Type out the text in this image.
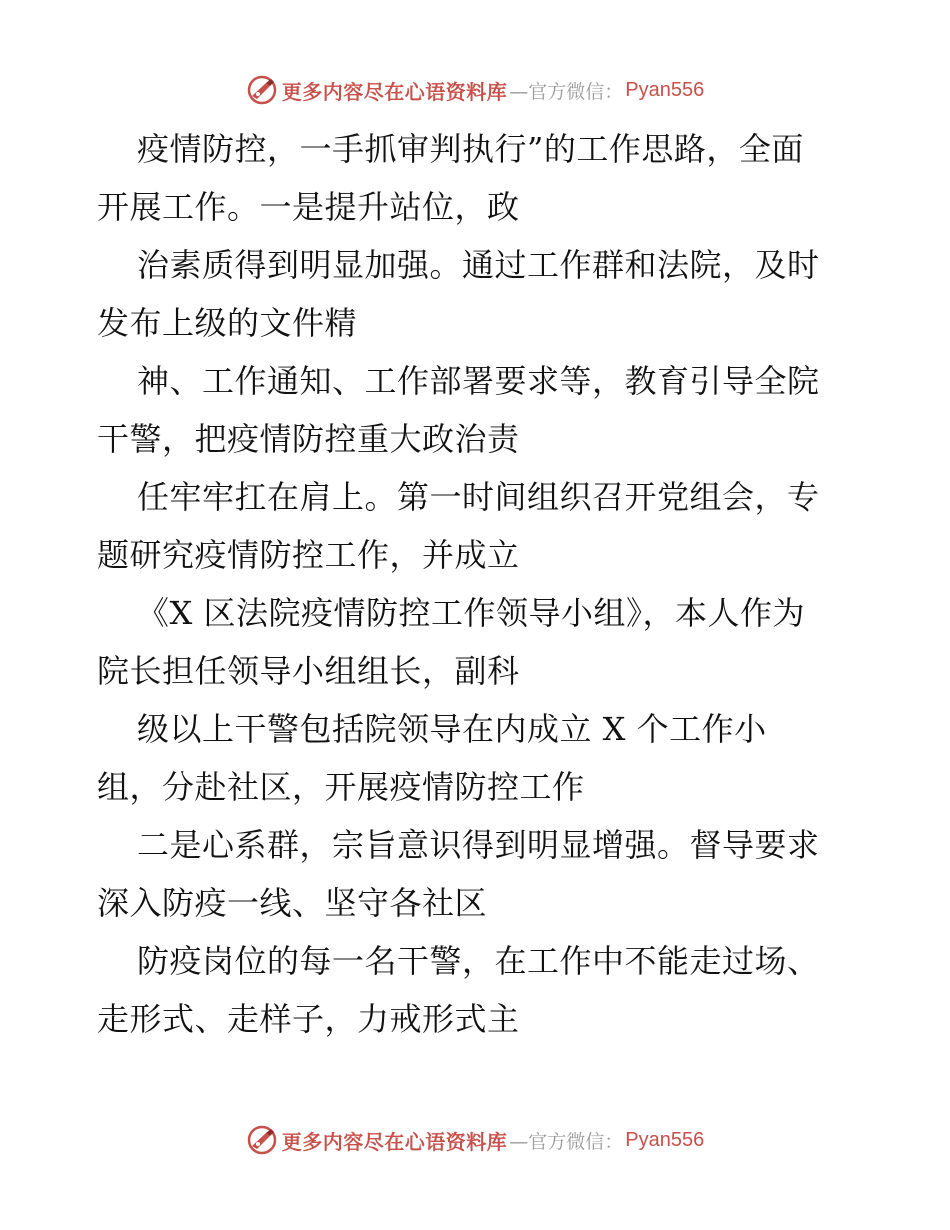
更多内容尽在心语资料库 —官方微信： Pyan556
疫情防控，一手抓审判执行”的工作思路，全面
开展工作。一是提升站位，政
治素质得到明显加强。通过工作群和法院，及时
发布上级的文件精
神、工作通知、工作部署要求等，教育引导全院
干警，把疫情防控重大政治责
任牢牢扛在肩上。第一时间组织召开党组会，专
题研究疫情防控工作，并成立
《X 区法院疫情防控工作领导小组》，本人作为
院长担任领导小组组长，副科
级以上干警包括院领导在内成立 X 个工作小
组，分赴社区，开展疫情防控工作
二是心系群，宗旨意识得到明显增强。督导要求
深入防疫一线、坚守各社区
防疫岗位的每一名干警，在工作中不能走过场、
走形式、走样子，力戒形式主
更多内容尽在心语资料库 —官方微信： Pyan556
